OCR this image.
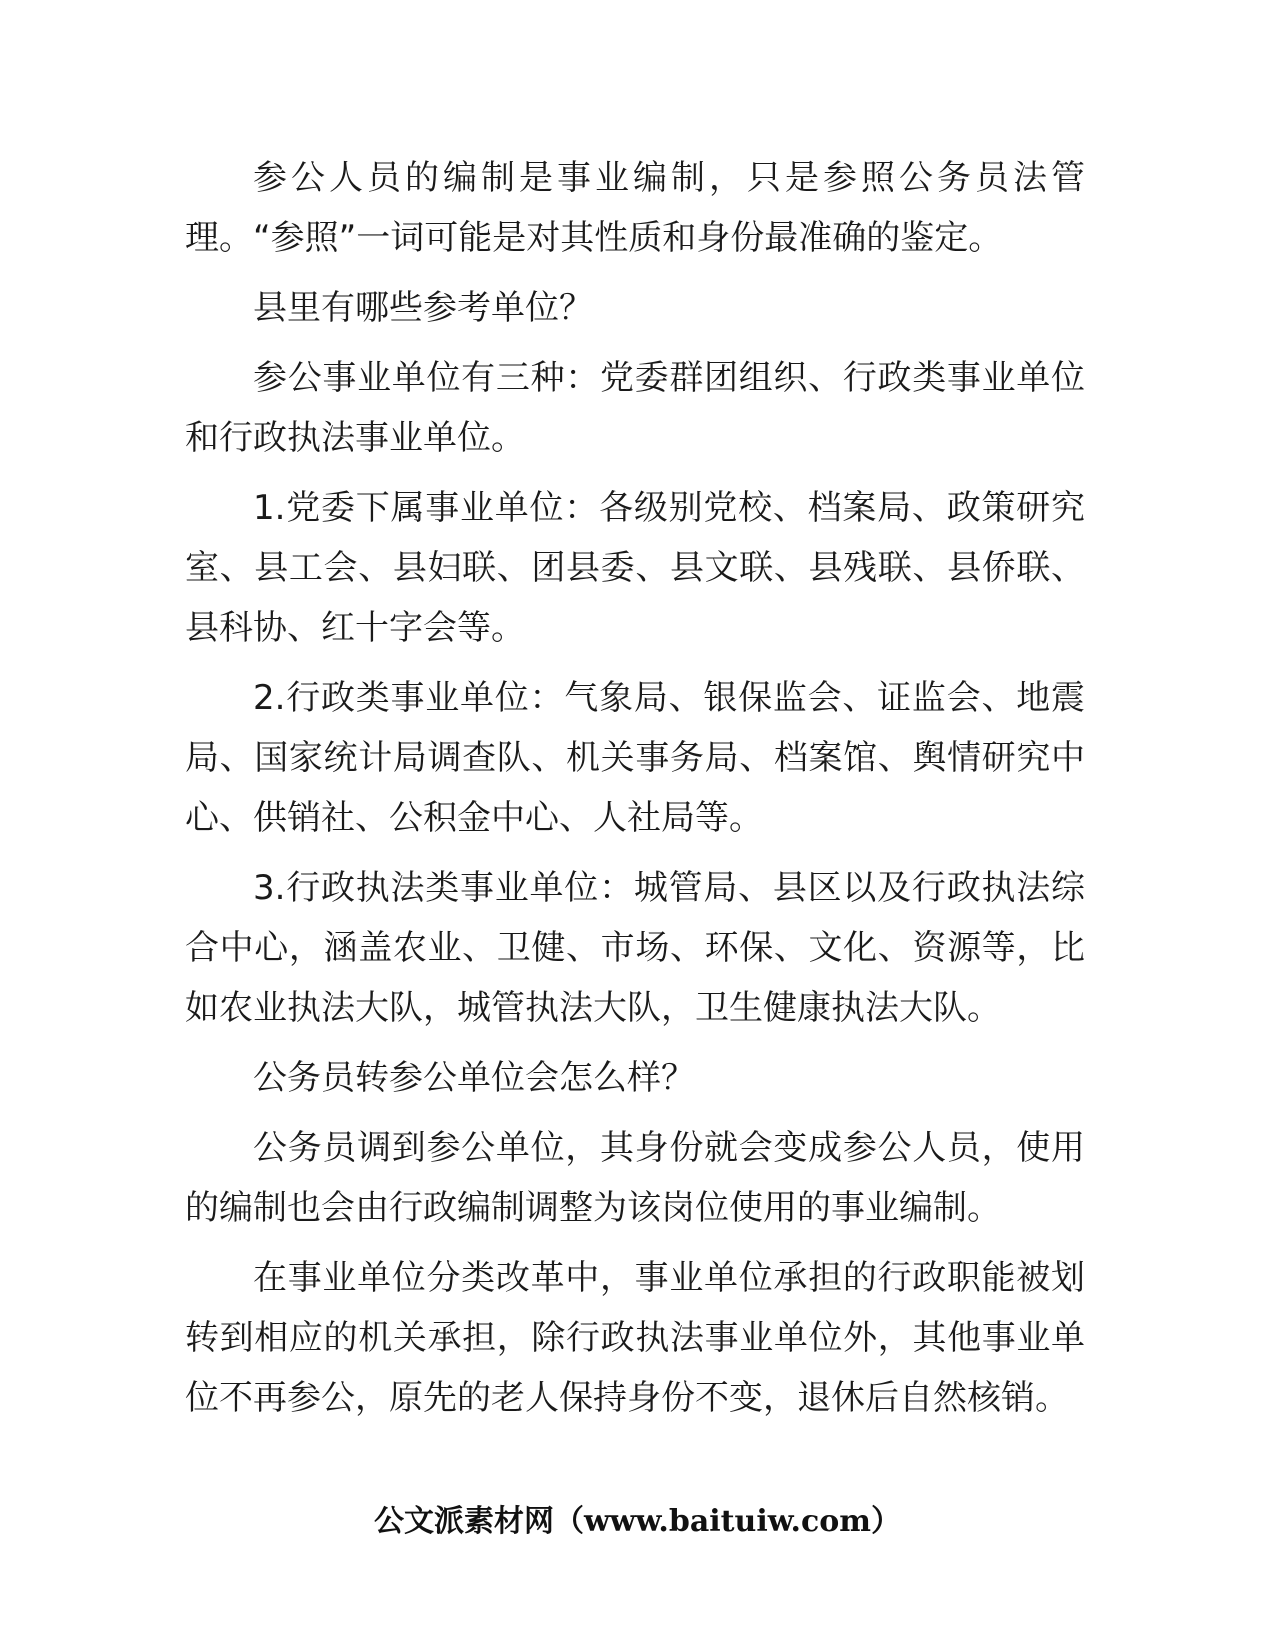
参公人员的编制是事业编制，只是参照公务员法管理。“参照”一词可能是对其性质和身份最准确的鉴定。

县里有哪些参考单位？

参公事业单位有三种：党委群团组织、行政类事业单位和行政执法事业单位。

1.党委下属事业单位：各级别党校、档案局、政策研究室、县工会、县妇联、团县委、县文联、县残联、县侨联、县科协、红十字会等。

2.行政类事业单位：气象局、银保监会、证监会、地震局、国家统计局调查队、机关事务局、档案馆、舆情研究中心、供销社、公积金中心、人社局等。

3.行政执法类事业单位：城管局、县区以及行政执法综合中心，涵盖农业、卫健、市场、环保、文化、资源等，比如农业执法大队，城管执法大队，卫生健康执法大队。

公务员转参公单位会怎么样？

公务员调到参公单位，其身份就会变成参公人员，使用的编制也会由行政编制调整为该岗位使用的事业编制。

在事业单位分类改革中，事业单位承担的行政职能被划转到相应的机关承担，除行政执法事业单位外，其他事业单位不再参公，原先的老人保持身份不变，退休后自然核销。

公文派素材网（www.baituiw.com）
